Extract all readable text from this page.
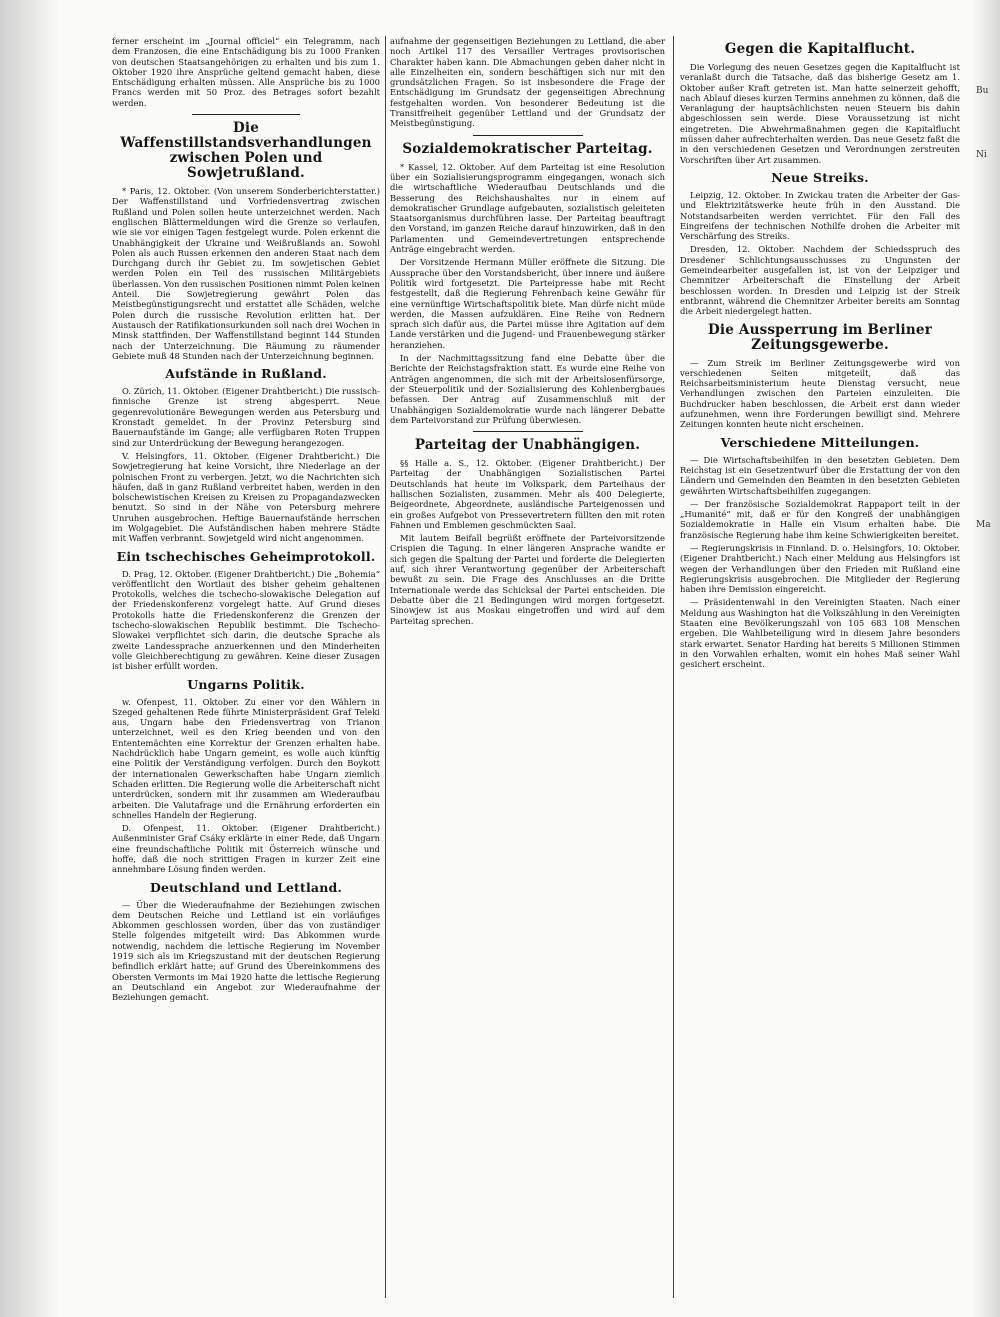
Bu
Ni
Ma

ferner erscheint im „Journal officiel“ ein Telegramm, nach dem Franzosen, die eine Entschädigung bis zu 1000 Franken von deutschen Staatsangehörigen zu erhalten und bis zum 1. Oktober 1920 ihre Ansprüche geltend gemacht haben, diese Entschädigung erhalten müssen. Alle Ansprüche bis zu 1000 Francs werden mit 50 Proz. des Betrages sofort bezahlt werden.

Die Waffenstillstandsverhandlungen zwischen Polen und Sowjetrußland.

* Paris, 12. Oktober. (Von unserem Sonderberichterstatter.) Der Waffenstillstand und Vorfriedensvertrag zwischen Rußland und Polen sollen heute unterzeichnet werden. Nach englischen Blättermeldungen wird die Grenze so verlaufen, wie sie vor einigen Tagen festgelegt wurde. Polen erkennt die Unabhängigkeit der Ukraine und Weißrußlands an. Sowohl Polen als auch Russen erkennen den anderen Staat nach dem Durchgang durch ihr Gebiet zu. Im sowjetischen Gebiet werden Polen ein Teil des russischen Militärgebiets überlassen. Von den russischen Positionen nimmt Polen keinen Anteil. Die Sowjetregierung gewährt Polen das Meistbegünstigungsrecht und erstattet alle Schäden, welche Polen durch die russische Revolution erlitten hat. Der Austausch der Ratifikationsurkunden soll nach drei Wochen in Minsk stattfinden. Der Waffenstillstand beginnt 144 Stunden nach der Unterzeichnung. Die Räumung zu räumender Gebiete muß 48 Stunden nach der Unterzeichnung beginnen.

Aufstände in Rußland.

O. Zürich, 11. Oktober. (Eigener Drahtbericht.) Die russisch-finnische Grenze ist streng abgesperrt. Neue gegenrevolutionäre Bewegungen werden aus Petersburg und Kronstadt gemeldet. In der Provinz Petersburg sind Bauernaufstände im Gange; alle verfügbaren Roten Truppen sind zur Unterdrückung der Bewegung herangezogen.

V. Helsingfors, 11. Oktober. (Eigener Drahtbericht.) Die Sowjetregierung hat keine Vorsicht, ihre Niederlage an der polnischen Front zu verbergen. Jetzt, wo die Nachrichten sich häufen, daß in ganz Rußland verbreitet haben, werden in den bolschewistischen Kreisen zu Kreisen zu Propagandazwecken benutzt. So sind in der Nähe von Petersburg mehrere Unruhen ausgebrochen. Heftige Bauernaufstände herrschen im Wolgagebiet. Die Aufständischen haben mehrere Städte mit Waffen verbrannt. Sowjetgeld wird nicht angenommen.

Ein tschechisches Geheimprotokoll.

D. Prag, 12. Oktober. (Eigener Drahtbericht.) Die „Bohemia“ veröffentlicht den Wortlaut des bisher geheim gehaltenen Protokolls, welches die tschecho-slowakische Delegation auf der Friedenskonferenz vorgelegt hatte. Auf Grund dieses Protokolls hatte die Friedenskonferenz die Grenzen der tschecho-slowakischen Republik bestimmt. Die Tschecho-Slowakei verpflichtet sich darin, die deutsche Sprache als zweite Landessprache anzuerkennen und den Minderheiten volle Gleichberechtigung zu gewähren. Keine dieser Zusagen ist bisher erfüllt worden.

Ungarns Politik.

w. Ofenpest, 11. Oktober. Zu einer vor den Wählern in Szeged gehaltenen Rede führte Ministerpräsident Graf Teleki aus, Ungarn habe den Friedensvertrag von Trianon unterzeichnet, weil es den Krieg beenden und von den Ententemächten eine Korrektur der Grenzen erhalten habe. Nachdrücklich habe Ungarn gemeint, es wolle auch künftig eine Politik der Verständigung verfolgen. Durch den Boykott der internationalen Gewerkschaften habe Ungarn ziemlich Schaden erlitten. Die Regierung wolle die Arbeiterschaft nicht unterdrücken, sondern mit ihr zusammen am Wiederaufbau arbeiten. Die Valutafrage und die Ernährung erforderten ein schnelles Handeln der Regierung.

D. Ofenpest, 11. Oktober. (Eigener Drahtbericht.) Außenminister Graf Csáky erklärte in einer Rede, daß Ungarn eine freundschaftliche Politik mit Österreich wünsche und hoffe, daß die noch strittigen Fragen in kurzer Zeit eine annehmbare Lösung finden werden.

Deutschland und Lettland.

— Über die Wiederaufnahme der Beziehungen zwischen dem Deutschen Reiche und Lettland ist ein vorläufiges Abkommen geschlossen worden, über das von zuständiger Stelle folgendes mitgeteilt wird: Das Abkommen wurde notwendig, nachdem die lettische Regierung im November 1919 sich als im Kriegszustand mit der deutschen Regierung befindlich erklärt hatte; auf Grund des Übereinkommens des Obersten Vermonts im Mai 1920 hatte die lettische Regierung an Deutschland ein Angebot zur Wiederaufnahme der Beziehungen gemacht.

aufnahme der gegenseitigen Beziehungen zu Lettland, die aber noch Artikel 117 des Versailler Vertrages provisorischen Charakter haben kann. Die Abmachungen geben daher nicht in alle Einzelheiten ein, sondern beschäftigen sich nur mit den grundsätzlichen Fragen. So ist insbesondere die Frage der Entschädigung im Grundsatz der gegenseitigen Abrechnung festgehalten worden. Von besonderer Bedeutung ist die Transitfreiheit gegenüber Lettland und der Grundsatz der Meistbegünstigung.

Sozialdemokratischer Parteitag.

* Kassel, 12. Oktober. Auf dem Parteitag ist eine Resolution über ein Sozialisierungsprogramm eingegangen, wonach sich die wirtschaftliche Wiederaufbau Deutschlands und die Besserung des Reichshaushaltes nur in einem auf demokratischer Grundlage aufgebauten, sozialistisch geleiteten Staatsorganismus durchführen lasse. Der Parteitag beauftragt den Vorstand, im ganzen Reiche darauf hinzuwirken, daß in den Parlamenten und Gemeindevertretungen entsprechende Anträge eingebracht werden.

Der Vorsitzende Hermann Müller eröffnete die Sitzung. Die Aussprache über den Vorstandsbericht, über innere und äußere Politik wird fortgesetzt. Die Parteipresse habe mit Recht festgestellt, daß die Regierung Fehrenbach keine Gewähr für eine vernünftige Wirtschaftspolitik biete. Man dürfe nicht müde werden, die Massen aufzuklären. Eine Reihe von Rednern sprach sich dafür aus, die Partei müsse ihre Agitation auf dem Lande verstärken und die Jugend- und Frauenbewegung stärker heranziehen.

In der Nachmittagssitzung fand eine Debatte über die Berichte der Reichstagsfraktion statt. Es wurde eine Reihe von Anträgen angenommen, die sich mit der Arbeitslosenfürsorge, der Steuerpolitik und der Sozialisierung des Kohlenbergbaues befassen. Der Antrag auf Zusammenschluß mit der Unabhängigen Sozialdemokratie wurde nach längerer Debatte dem Parteivorstand zur Prüfung überwiesen.

Parteitag der Unabhängigen.

§§ Halle a. S., 12. Oktober. (Eigener Drahtbericht.) Der Parteitag der Unabhängigen Sozialistischen Partei Deutschlands hat heute im Volkspark, dem Parteihaus der hallischen Sozialisten, zusammen. Mehr als 400 Delegierte, Beigeordnete, Abgeordnete, ausländische Parteigenossen und ein großes Aufgebot von Pressevertretern füllten den mit roten Fahnen und Emblemen geschmückten Saal.

Mit lautem Beifall begrüßt eröffnete der Parteivorsitzende Crispien die Tagung. In einer längeren Ansprache wandte er sich gegen die Spaltung der Partei und forderte die Delegierten auf, sich ihrer Verantwortung gegenüber der Arbeiterschaft bewußt zu sein. Die Frage des Anschlusses an die Dritte Internationale werde das Schicksal der Partei entscheiden. Die Debatte über die 21 Bedingungen wird morgen fortgesetzt. Sinowjew ist aus Moskau eingetroffen und wird auf dem Parteitag sprechen.

Gegen die Kapitalflucht.

Die Vorlegung des neuen Gesetzes gegen die Kapitalflucht ist veranlaßt durch die Tatsache, daß das bisherige Gesetz am 1. Oktober außer Kraft getreten ist. Man hatte seinerzeit gehofft, nach Ablauf dieses kurzen Termins annehmen zu können, daß die Veranlagung der hauptsächlichsten neuen Steuern bis dahin abgeschlossen sein werde. Diese Voraussetzung ist nicht eingetreten. Die Abwehrmaßnahmen gegen die Kapitalflucht müssen daher aufrechterhalten werden. Das neue Gesetz faßt die in den verschiedenen Gesetzen und Verordnungen zerstreuten Vorschriften über Art zusammen.

Neue Streiks.

Leipzig, 12. Oktober. In Zwickau traten die Arbeiter der Gas- und Elektrizitätswerke heute früh in den Ausstand. Die Notstandsarbeiten werden verrichtet. Für den Fall des Eingreifens der technischen Nothilfe drohen die Arbeiter mit Verschärfung des Streiks.

Dresden, 12. Oktober. Nachdem der Schiedsspruch des Dresdener Schlichtungsausschusses zu Ungunsten der Gemeindearbeiter ausgefallen ist, ist von der Leipziger und Chemnitzer Arbeiterschaft die Einstellung der Arbeit beschlossen worden. In Dresden und Leipzig ist der Streik entbrannt, während die Chemnitzer Arbeiter bereits am Sonntag die Arbeit niedergelegt hatten.

Die Aussperrung im Berliner Zeitungsgewerbe.

— Zum Streik im Berliner Zeitungsgewerbe wird von verschiedenen Seiten mitgeteilt, daß das Reichsarbeitsministerium heute Dienstag versucht, neue Verhandlungen zwischen den Parteien einzuleiten. Die Buchdrucker haben beschlossen, die Arbeit erst dann wieder aufzunehmen, wenn ihre Forderungen bewilligt sind. Mehrere Zeitungen konnten heute nicht erscheinen.

Verschiedene Mitteilungen.

— Die Wirtschaftsbeihilfen in den besetzten Gebieten. Dem Reichstag ist ein Gesetzentwurf über die Erstattung der von den Ländern und Gemeinden den Beamten in den besetzten Gebieten gewährten Wirtschaftsbeihilfen zugegangen.

— Der französische Sozialdemokrat Rappaport teilt in der „Humanité“ mit, daß er für den Kongreß der unabhängigen Sozialdemokratie in Halle ein Visum erhalten habe. Die französische Regierung habe ihm keine Schwierigkeiten bereitet.

— Regierungskrisis in Finnland. D. o. Helsingfors, 10. Oktober. (Eigener Drahtbericht.) Nach einer Meldung aus Helsingfors ist wegen der Verhandlungen über den Frieden mit Rußland eine Regierungskrisis ausgebrochen. Die Mitglieder der Regierung haben ihre Demission eingereicht.

— Präsidentenwahl in den Vereinigten Staaten. Nach einer Meldung aus Washington hat die Volkszählung in den Vereinigten Staaten eine Bevölkerungszahl von 105 683 108 Menschen ergeben. Die Wahlbeteiligung wird in diesem Jahre besonders stark erwartet. Senator Harding hat bereits 5 Millionen Stimmen in den Vorwahlen erhalten, womit ein hohes Maß seiner Wahl gesichert erscheint.
